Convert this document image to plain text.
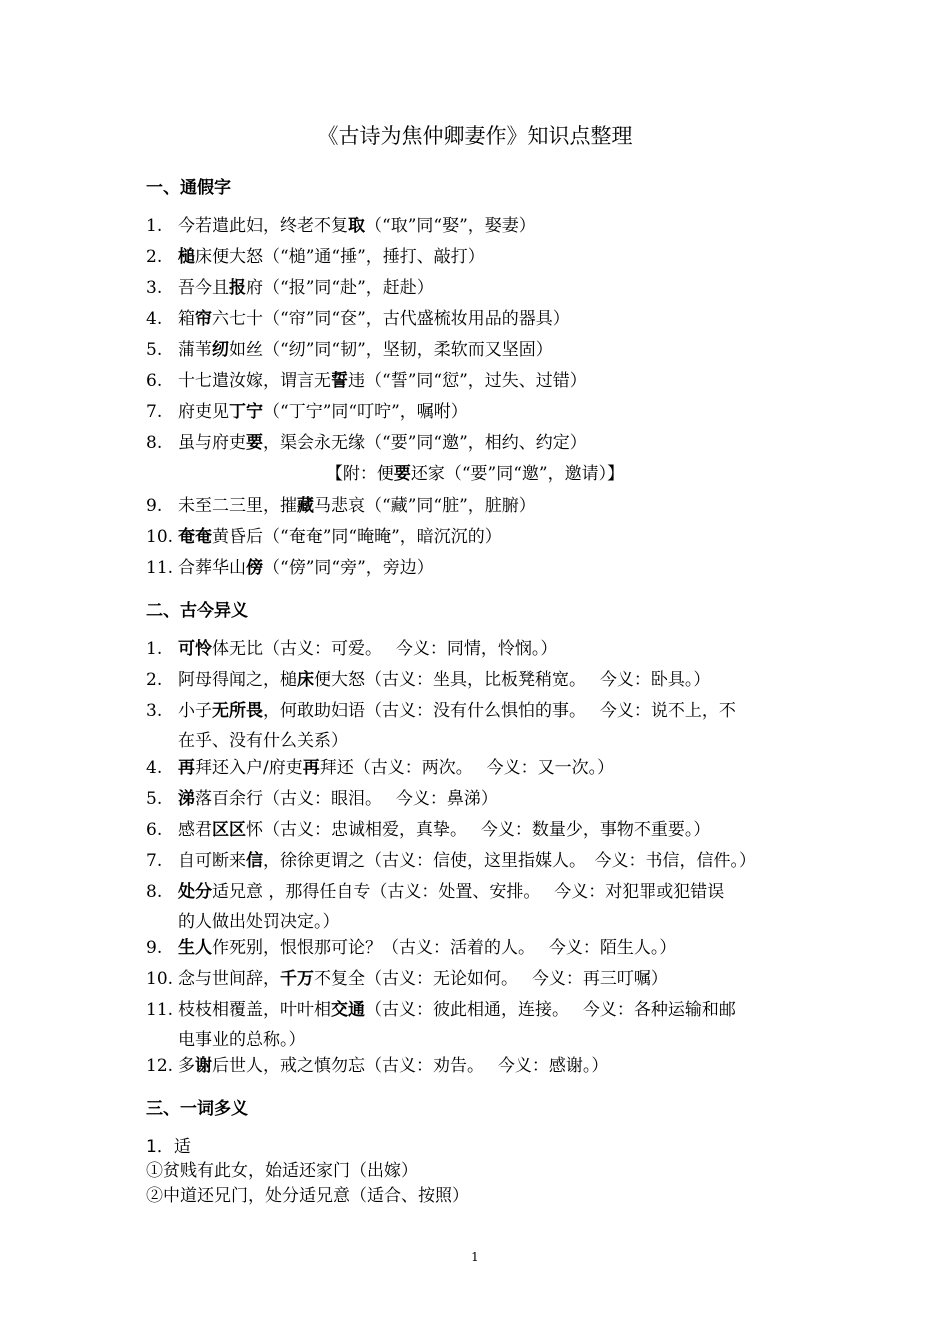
《古诗为焦仲卿妻作》知识点整理
一、通假字
1. 今若遣此妇，终老不复取（“取”同“娶”，娶妻）
2. 槌床便大怒（“槌”通“捶”，捶打、敲打）
3. 吾今且报府（“报”同“赴”，赶赴）
4. 箱帘六七十（“帘”同“奁”，古代盛梳妆用品的器具）
5. 蒲苇纫如丝（“纫”同“韧”，坚韧，柔软而又坚固）
6. 十七遣汝嫁，谓言无誓违（“誓”同“愆”，过失、过错）
7. 府吏见丁宁（“丁宁”同“叮咛”，嘱咐）
8. 虽与府吏要，渠会永无缘（“要”同“邀”，相约、约定）
【附：便要还家（“要”同“邀”，邀请）】
9. 未至二三里，摧藏马悲哀（“藏”同“脏”，脏腑）
10. 奄奄黄昏后（“奄奄”同“晻晻”，暗沉沉的）
11. 合葬华山傍（“傍”同“旁”，旁边）
二、古今异义
1. 可怜体无比（古义：可爱。　 今义：同情，怜悯。）
2. 阿母得闻之，槌床便大怒（古义：坐具，比板凳稍宽。　 今义：卧具。）
3. 小子无所畏，何敢助妇语（古义：没有什么惧怕的事。　 今义：说不上，不
在乎、没有什么关系）
4. 再拜还入户/府吏再拜还（古义：两次。　 今义：又一次。）
5. 涕落百余行（古义：眼泪。　 今义：鼻涕）
6. 感君区区怀（古义：忠诚相爱，真挚。　 今义：数量少，事物不重要。）
7. 自可断来信，徐徐更谓之（古义：信使，这里指媒人。　今义：书信，信件。）
8. 处分适兄意 ，那得任自专（古义：处置、安排。　 今义：对犯罪或犯错误
的人做出处罚决定。）
9. 生人作死别，恨恨那可论？（古义：活着的人。　 今义：陌生人。）
10. 念与世间辞，千万不复全（古义：无论如何。　 今义：再三叮嘱）
11. 枝枝相覆盖，叶叶相交通（古义：彼此相通，连接。　 今义：各种运输和邮
电事业的总称。）
12. 多谢后世人，戒之慎勿忘（古义：劝告。　 今义：感谢。）
三、一词多义
1．适
①贫贱有此女，始适还家门（出嫁）
②中道还兄门，处分适兄意（适合、按照）
1
